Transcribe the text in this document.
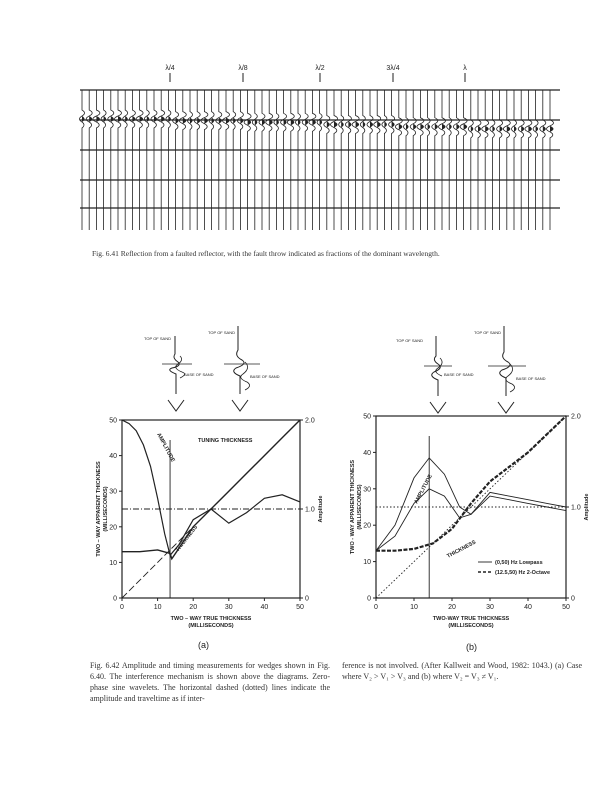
λ/4	λ/8	λ/2	3λ/4	λ
Fig. 6.41 Reflection from a faulted reflector, with the fault throw indicated as fractions of the dominant wavelength.
TOP OF SAND
BASE OF SAND
TOP OF SAND
BASE OF SAND
0	10	20	30	40	50
0
10
20
30
40
50
0
1.0
2.0
TWO – WAY TRUE THICKNESS
(MILLISECONDS)
TWO – WAY APPARENT THICKNESS (MILLISECONDS)	Amplitude
TUNING THICKNESS
AMPLITUDE
THICKNESS
(a)
TOP OF SAND
BASE OF SAND
TOP OF SAND
BASE OF SAND
0	10	20	30	40	50
0
10
20
30
40
50
0
1.0
2.0
TWO-WAY TRUE THICKNESS
(MILLISECONDS)
TWO - WAY APPARENT THICKNESS (MILLISECONDS)	Amplitude
AMPLITUDE
THICKNESS
(0,50) Hz Lowpass
(12.5,50) Hz 2-Octave
(b)
Fig. 6.42 Amplitude and timing measurements for wedges shown in Fig. 6.40. The interference mechanism is shown above the diagrams. Zero-phase sine wavelets. The horizontal dashed (dotted) lines indicate the amplitude and traveltime as if inter-
ference is not involved. (After Kallweit and Wood, 1982: 1043.) (a) Case where V₂ > V₁ > V₃ and (b) where V₂ = V₃ ≠ V₁.
